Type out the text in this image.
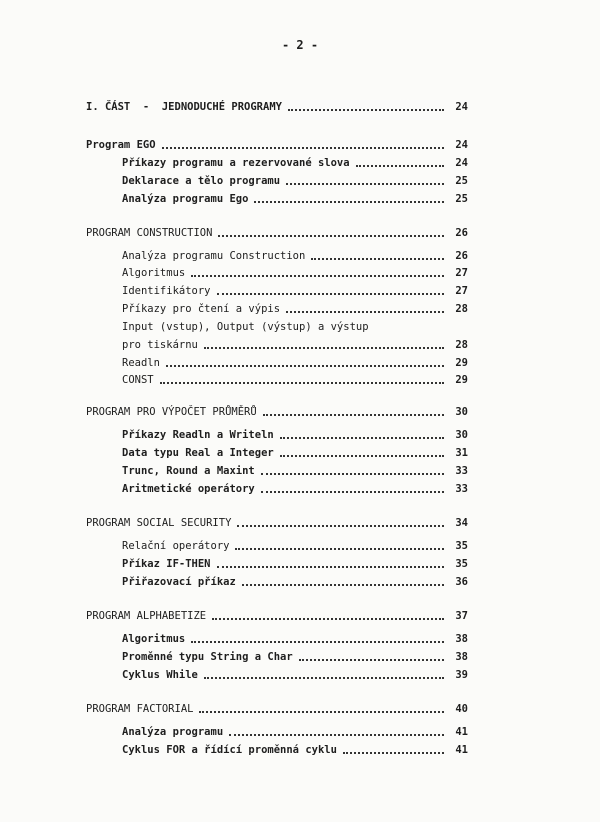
- 2 -
I. ČÁST  -  JEDNODUCHÉ PROGRAMY	24
Program EGO	24
Příkazy programu a rezervované slova	24
Deklarace a tělo programu	25
Analýza programu Ego	25
PROGRAM CONSTRUCTION	26
Analýza programu Construction	26
Algoritmus	27
Identifikátory	27
Příkazy pro čtení a výpis	28
Input (vstup), Output (výstup) a výstup
pro tiskárnu	28
Readln	29
CONST	29
PROGRAM PRO VÝPOČET PRŮMĚRŮ	30
Příkazy Readln a Writeln	30
Data typu Real a Integer	31
Trunc, Round a Maxint	33
Aritmetické operátory	33
PROGRAM SOCIAL SECURITY	34
Relační operátory	35
Příkaz IF-THEN	35
Přiřazovací příkaz	36
PROGRAM ALPHABETIZE	37
Algoritmus	38
Proměnné typu String a Char	38
Cyklus While	39
PROGRAM FACTORIAL	40
Analýza programu	41
Cyklus FOR a řídící proměnná cyklu	41
